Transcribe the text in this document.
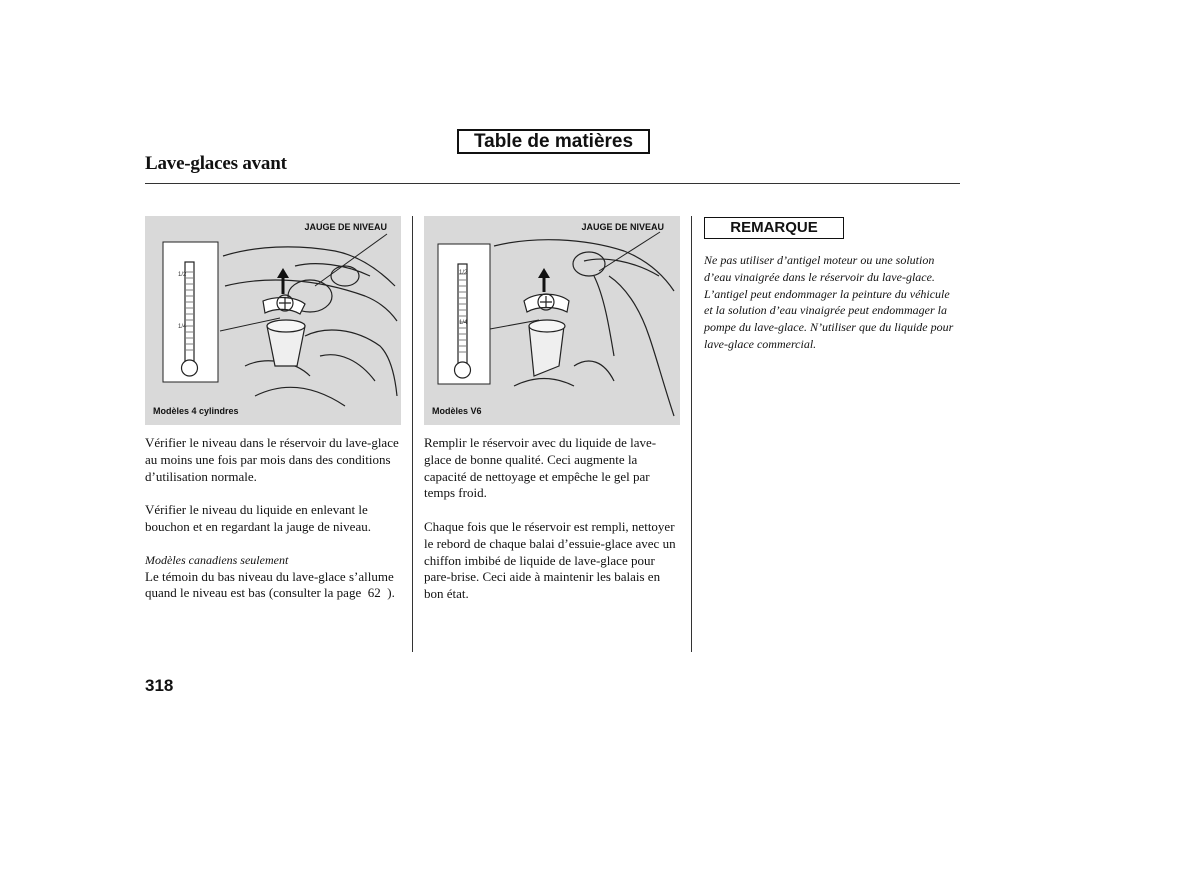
Table de matières
Lave-glaces avant
1/2
1/4
JAUGE DE NIVEAU
Modèles 4 cylindres
1/2
1/4
JAUGE DE NIVEAU
Modèles V6

Vérifier le niveau dans le réservoir du lave-glace au moins une fois par mois dans des conditions d’utilisation normale.

Vérifier le niveau du liquide en enlevant le bouchon et en regardant la jauge de niveau.

Modèles canadiens seulement

Le témoin du bas niveau du lave-glace s’allume quand le niveau est bas (consulter la page 62 ).

Remplir le réservoir avec du liquide de lave-glace de bonne qualité. Ceci augmente la capacité de nettoyage et empêche le gel par temps froid.

Chaque fois que le réservoir est rempli, nettoyer le rebord de chaque balai d’essuie-glace avec un chiffon imbibé de liquide de lave-glace pour pare-brise. Ceci aide à maintenir les balais en bon état.

REMARQUE
Ne pas utiliser d’antigel moteur ou une solution d’eau vinaigrée dans le réservoir du lave-glace. L’antigel peut endommager la peinture du véhicule et la solution d’eau vinaigrée peut endommager la pompe du lave-glace. N’utiliser que du liquide pour lave-glace commercial.
318
